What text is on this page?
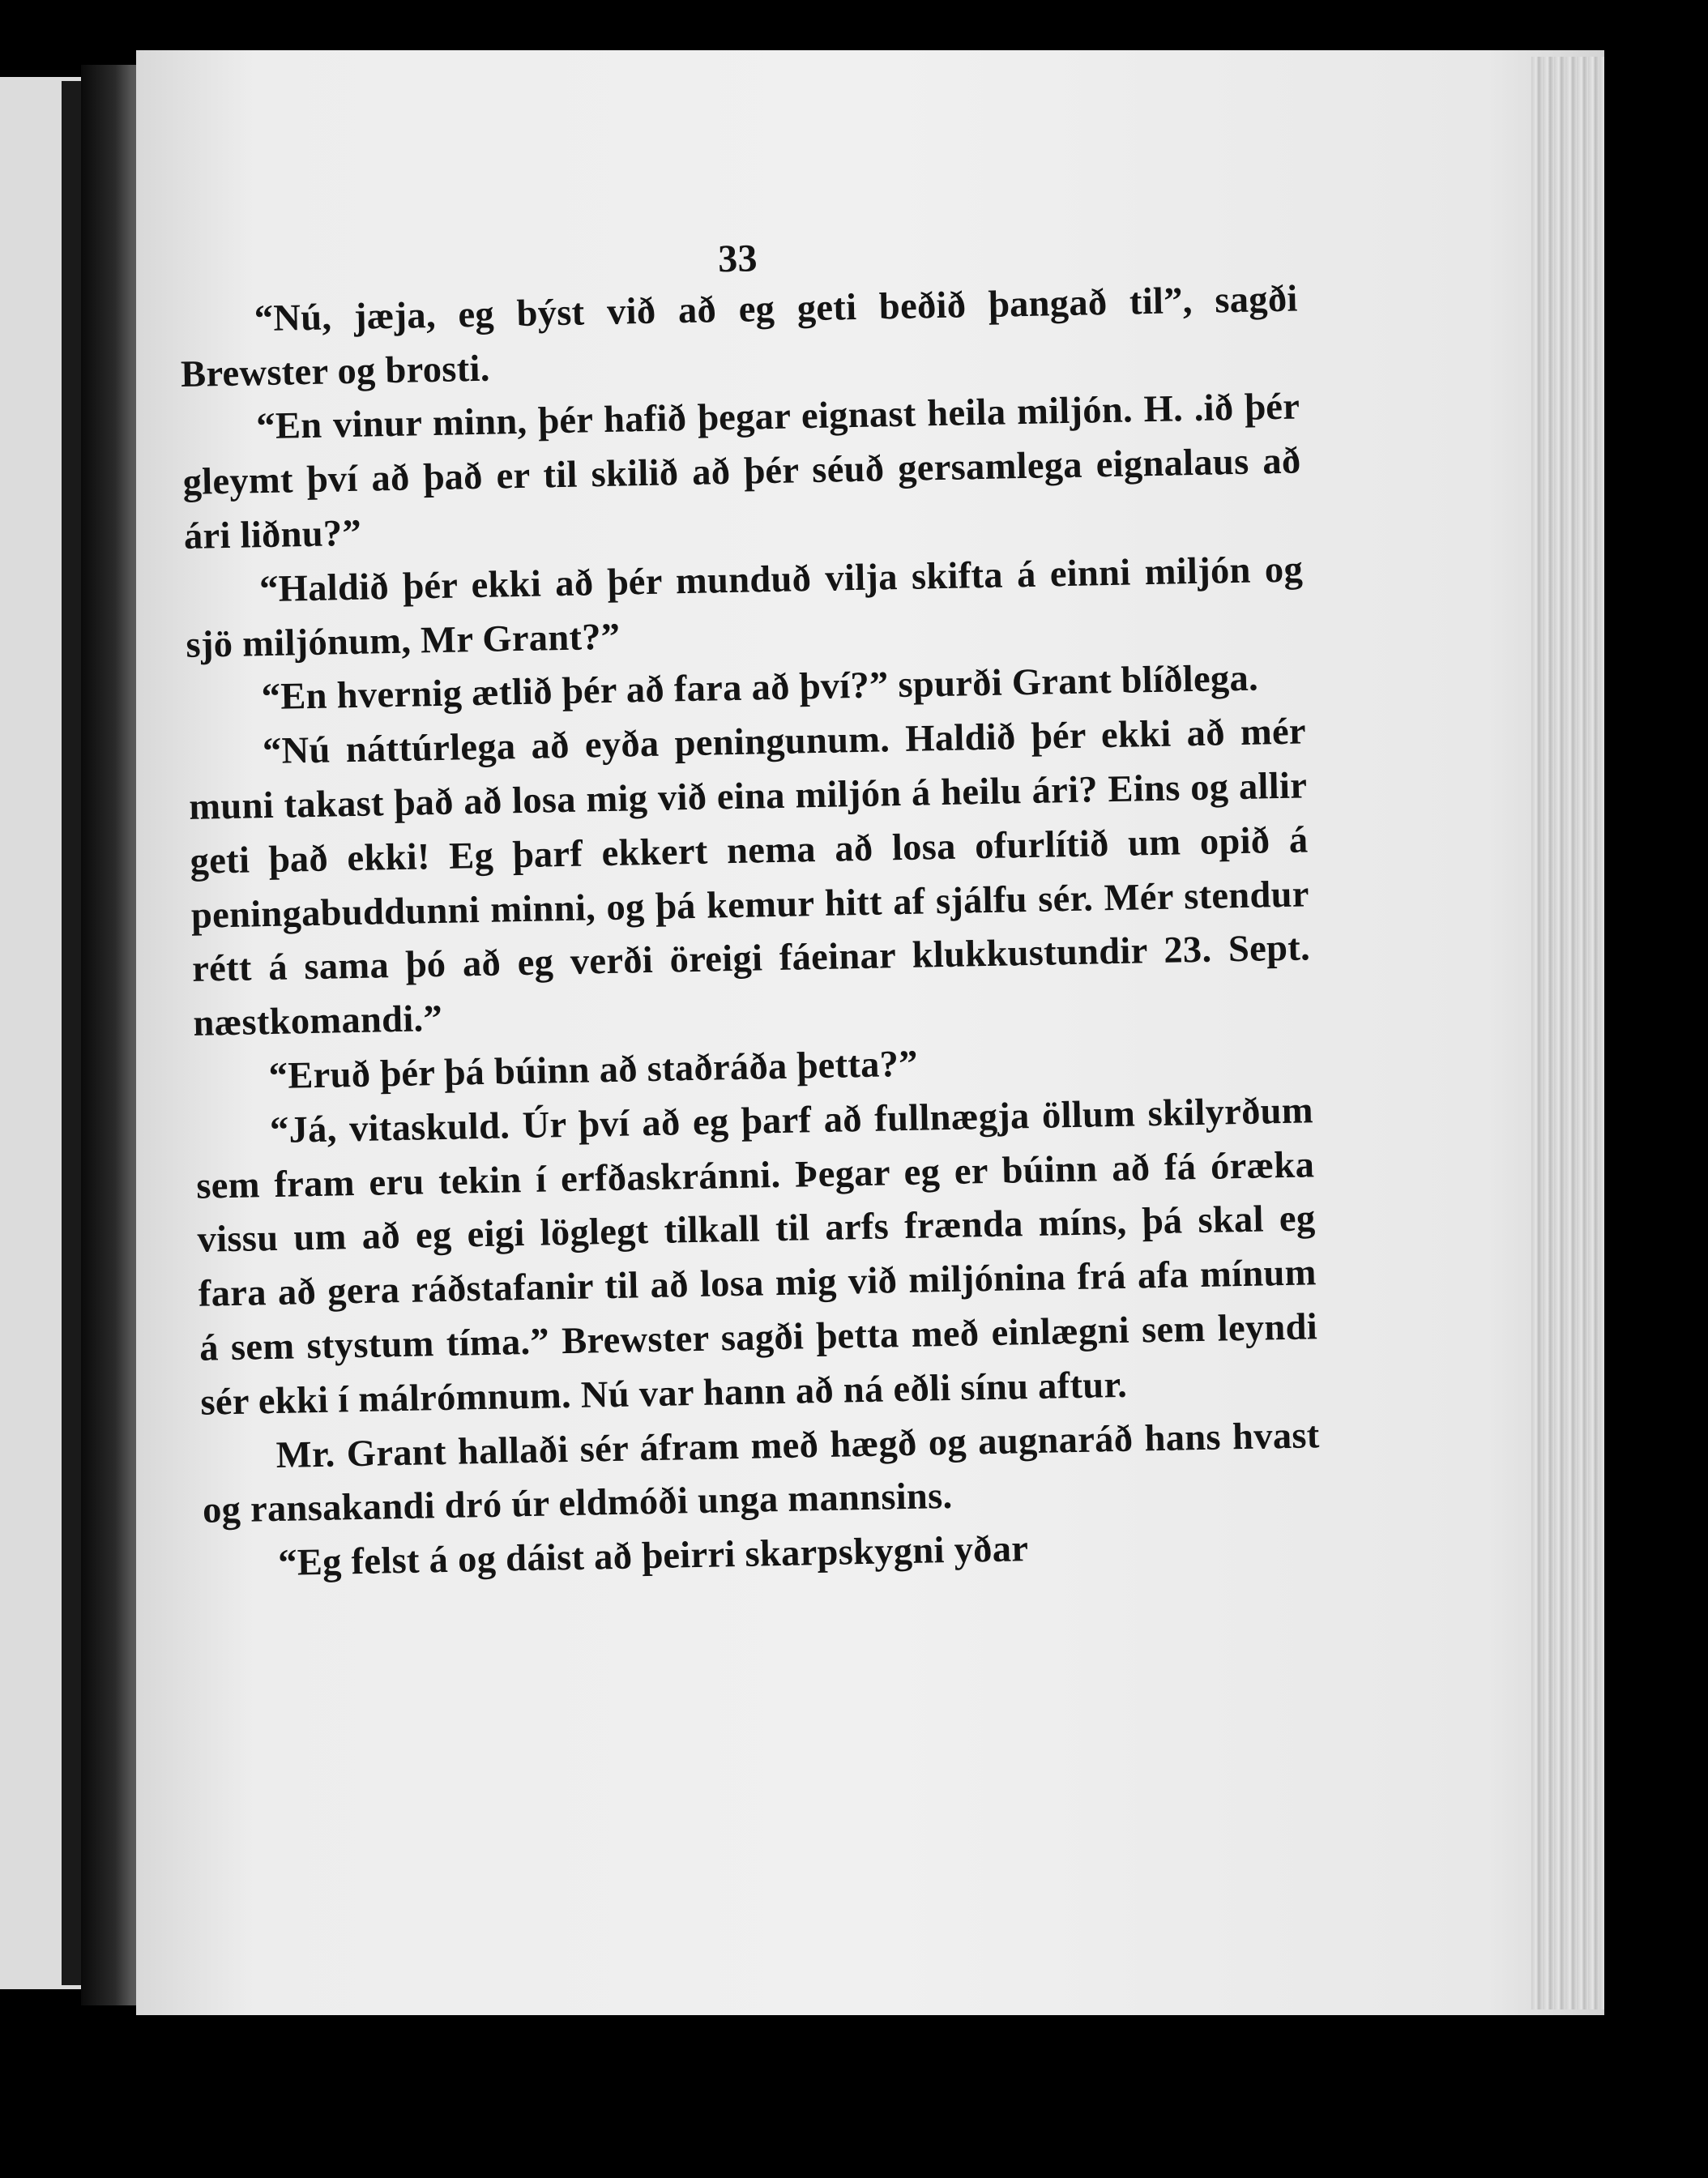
33

“Nú, jæja, eg býst við að eg geti beðið þangað til”, sagði Brewster og brosti.

“En vinur minn, þér hafið þegar eignast heila miljón. H. .ið þér gleymt því að það er til skilið að þér séuð gersamlega eignalaus að ári liðnu?”

“Haldið þér ekki að þér munduð vilja skifta á einni miljón og sjö miljónum, Mr Grant?”

“En hvernig ætlið þér að fara að því?” spurði Grant blíðlega.

“Nú náttúrlega að eyða peningunum. Haldið þér ekki að mér muni takast það að losa mig við eina miljón á heilu ári? Eins og allir geti það ekki! Eg þarf ekkert nema að losa ofurlítið um opið á peningabuddunni minni, og þá kemur hitt af sjálfu sér. Mér stendur rétt á sama þó að eg verði öreigi fáeinar klukkustundir 23. Sept. næstkomandi.”

“Eruð þér þá búinn að staðráða þetta?”

“Já, vitaskuld. Úr því að eg þarf að fullnægja öllum skilyrðum sem fram eru tekin í erfðaskránni. Þegar eg er búinn að fá óræka vissu um að eg eigi löglegt tilkall til arfs frænda míns, þá skal eg fara að gera ráðstafanir til að losa mig við miljónina frá afa mínum á sem stystum tíma.” Brewster sagði þetta með einlægni sem leyndi sér ekki í málrómnum. Nú var hann að ná eðli sínu aftur.

Mr. Grant hallaði sér áfram með hægð og augnaráð hans hvast og ransakandi dró úr eldmóði unga mannsins.

“Eg felst á og dáist að þeirri skarpskygni yðar
